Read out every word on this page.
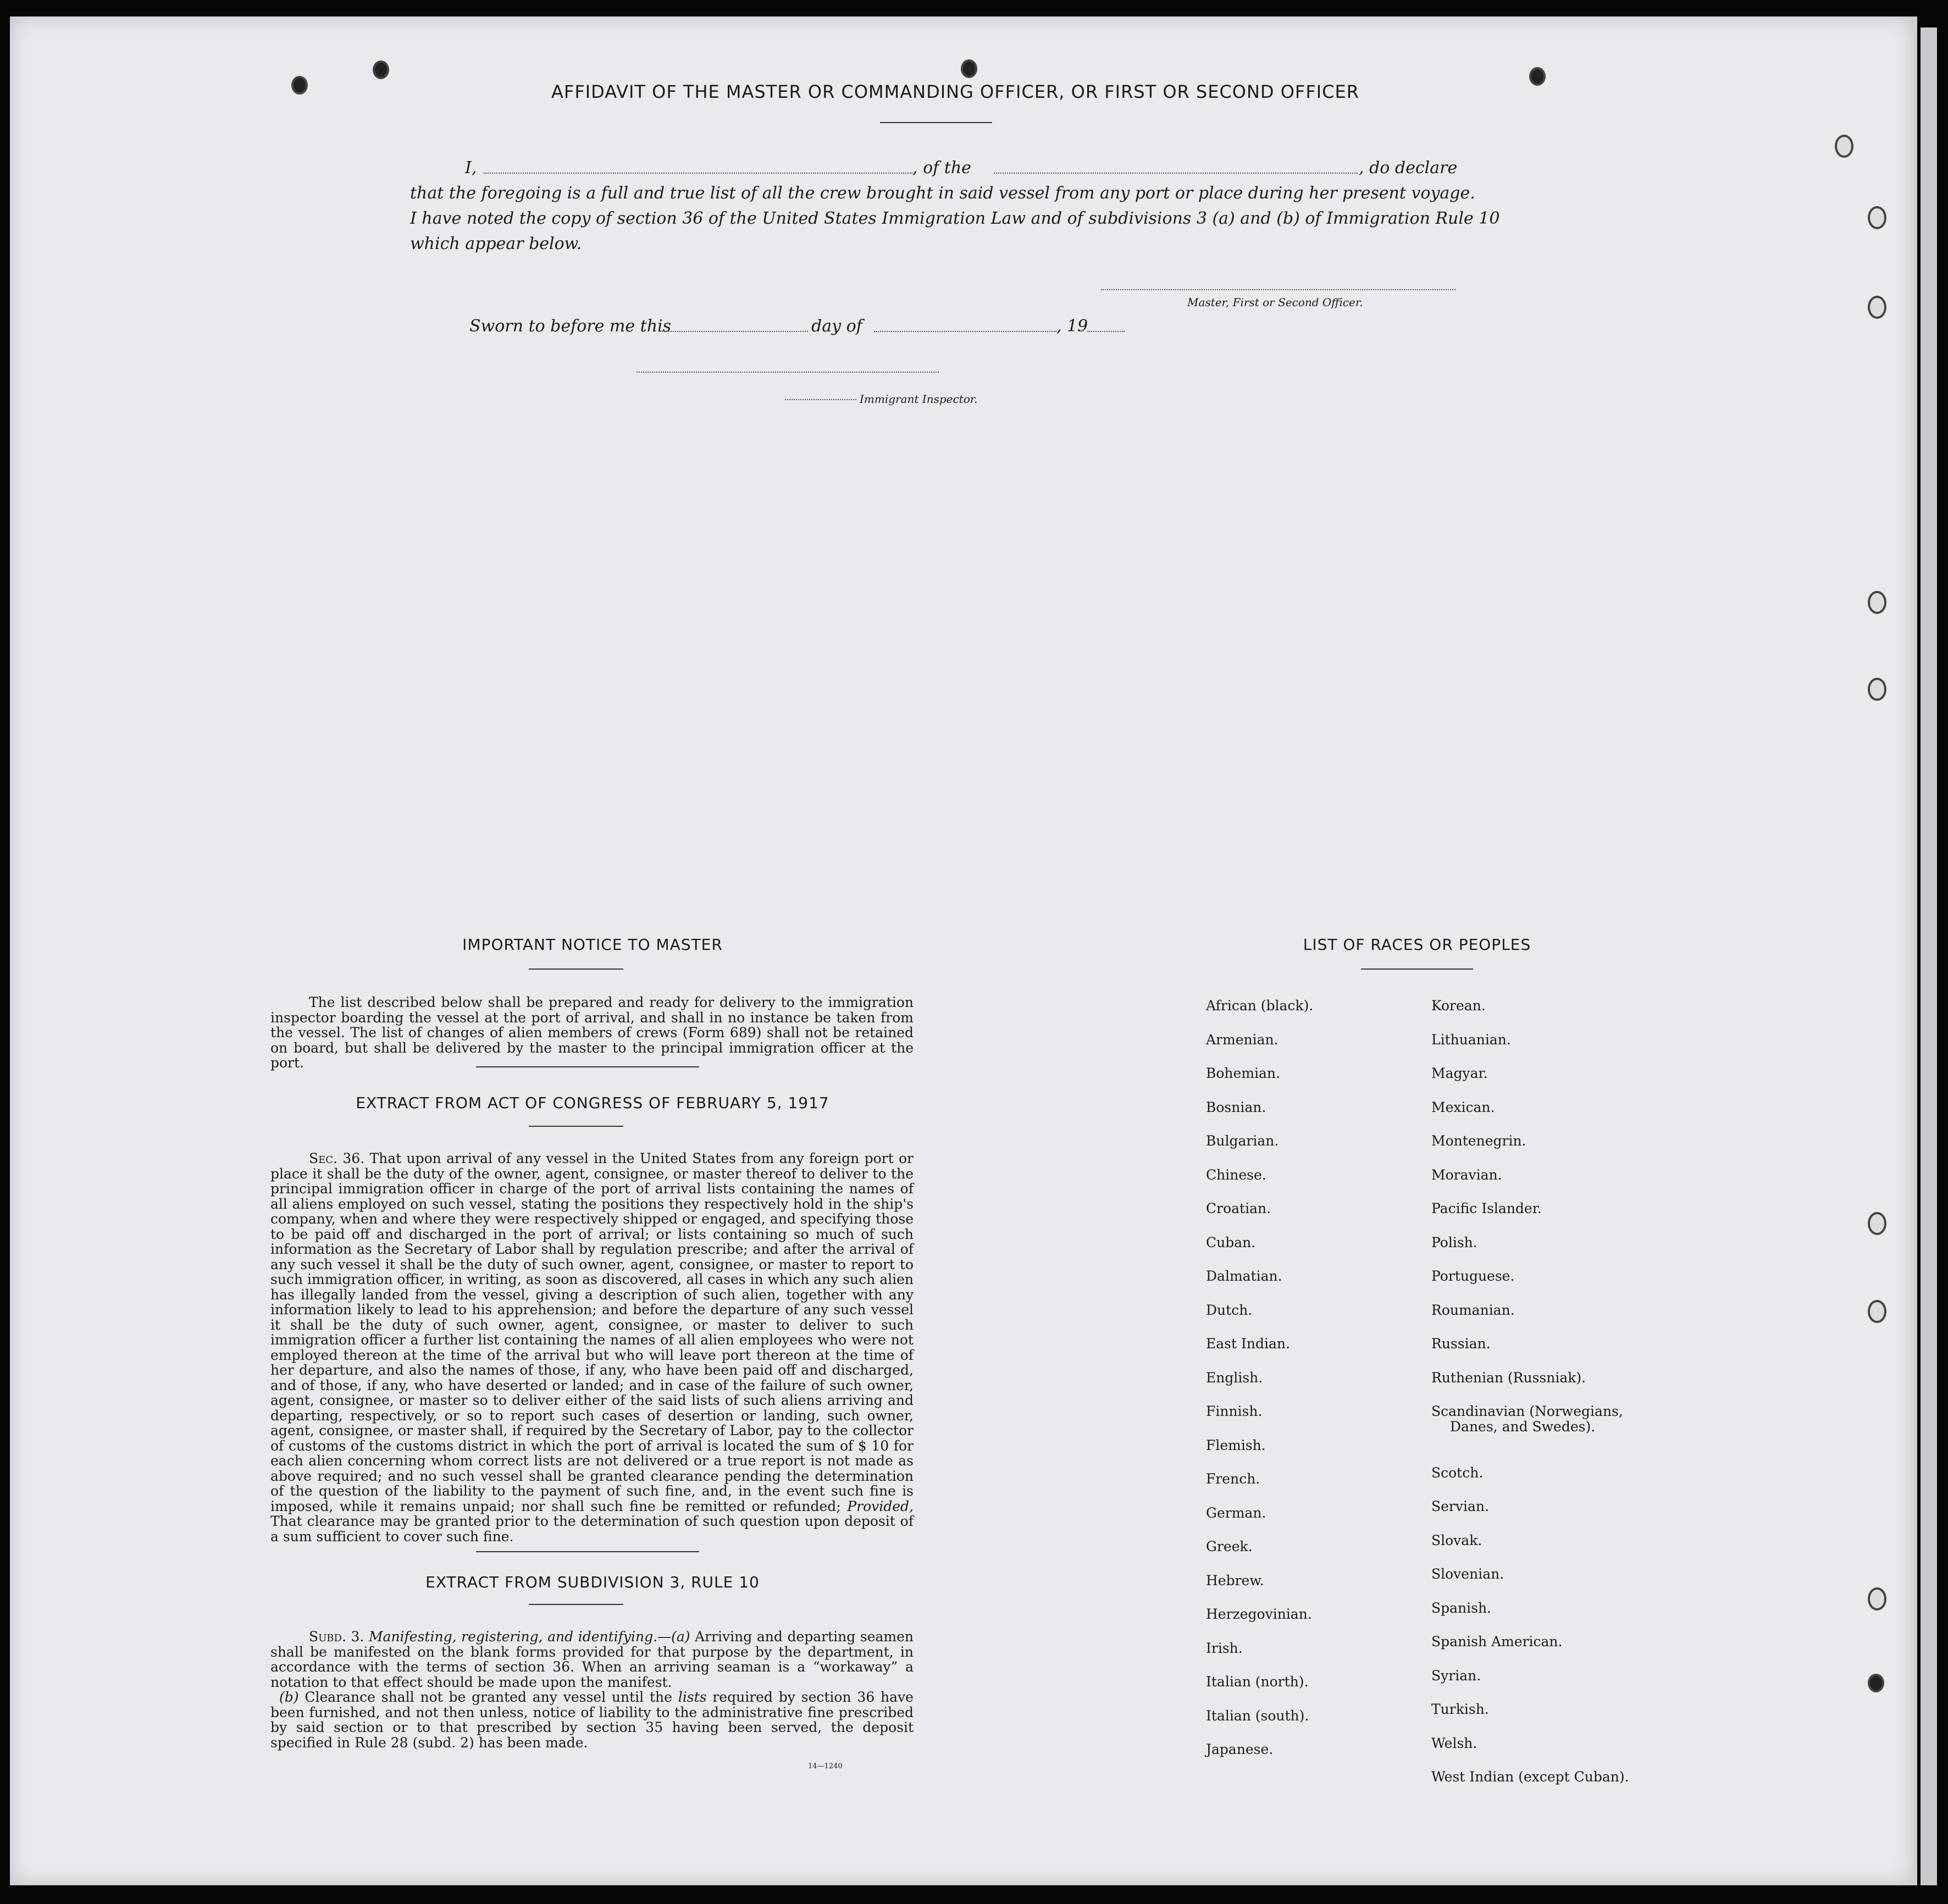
AFFIDAVIT OF THE MASTER OR COMMANDING OFFICER, OR FIRST OR SECOND OFFICER
I,	, of the	, do declare
that the foregoing is a full and true list of all the crew brought in said vessel from any port or place during her present voyage.
I have noted the copy of section 36 of the United States Immigration Law and of subdivisions 3 (a) and (b) of Immigration Rule 10
which appear below.
Master, First or Second Officer.
Sworn to before me this	day of	, 19
Immigrant Inspector.
IMPORTANT NOTICE TO MASTER

The list described below shall be prepared and ready for delivery to the immigration inspector boarding the vessel at the port of arrival, and shall in no instance be taken from the vessel. The list of changes of alien members of crews (Form 689) shall not be retained on board, but shall be delivered by the master to the principal immigration officer at the port.

EXTRACT FROM ACT OF CONGRESS OF FEBRUARY 5, 1917

Sec. 36. That upon arrival of any vessel in the United States from any foreign port or place it shall be the duty of the owner, agent, consignee, or master thereof to deliver to the principal immigration officer in charge of the port of arrival lists containing the names of all aliens employed on such vessel, stating the positions they respectively hold in the ship's company, when and where they were respectively shipped or engaged, and specifying those to be paid off and discharged in the port of arrival; or lists containing so much of such information as the Secretary of Labor shall by regulation prescribe; and after the arrival of any such vessel it shall be the duty of such owner, agent, consignee, or master to report to such immigration officer, in writing, as soon as discovered, all cases in which any such alien has illegally landed from the vessel, giving a description of such alien, together with any information likely to lead to his apprehension; and before the departure of any such vessel it shall be the duty of such owner, agent, consignee, or master to deliver to such immigration officer a further list containing the names of all alien employees who were not employed thereon at the time of the arrival but who will leave port thereon at the time of her departure, and also the names of those, if any, who have been paid off and discharged, and of those, if any, who have deserted or landed; and in case of the failure of such owner, agent, consignee, or master so to deliver either of the said lists of such aliens arriving and departing, respectively, or so to report such cases of desertion or landing, such owner, agent, consignee, or master shall, if required by the Secretary of Labor, pay to the collector of customs of the customs district in which the port of arrival is located the sum of $ 10 for each alien concerning whom correct lists are not delivered or a true report is not made as above required; and no such vessel shall be granted clearance pending the determination of the question of the liability to the payment of such fine, and, in the event such fine is imposed, while it remains unpaid; nor shall such fine be remitted or refunded; Provided, That clearance may be granted prior to the determination of such question upon deposit of a sum sufficient to cover such fine.

EXTRACT FROM SUBDIVISION 3, RULE 10

Subd. 3. Manifesting, registering, and identifying.—(a) Arriving and departing seamen shall be manifested on the blank forms provided for that purpose by the department, in accordance with the terms of section 36. When an arriving seaman is a “workaway” a notation to that effect should be made upon the manifest.

(b) Clearance shall not be granted any vessel until the lists required by section 36 have been furnished, and not then unless, notice of liability to the administrative fine prescribed by said section or to that prescribed by section 35 having been served, the deposit specified in Rule 28 (subd. 2) has been made.

14—1240
LIST OF RACES OR PEOPLES
African (black).
Armenian.
Bohemian.
Bosnian.
Bulgarian.
Chinese.
Croatian.
Cuban.
Dalmatian.
Dutch.
East Indian.
English.
Finnish.
Flemish.
French.
German.
Greek.
Hebrew.
Herzegovinian.
Irish.
Italian (north).
Italian (south).
Japanese.
Korean.
Lithuanian.
Magyar.
Mexican.
Montenegrin.
Moravian.
Pacific Islander.
Polish.
Portuguese.
Roumanian.
Russian.
Ruthenian (Russniak).
Scandinavian (Norwegians,
Danes, and Swedes).
Scotch.
Servian.
Slovak.
Slovenian.
Spanish.
Spanish American.
Syrian.
Turkish.
Welsh.
West Indian (except Cuban).
